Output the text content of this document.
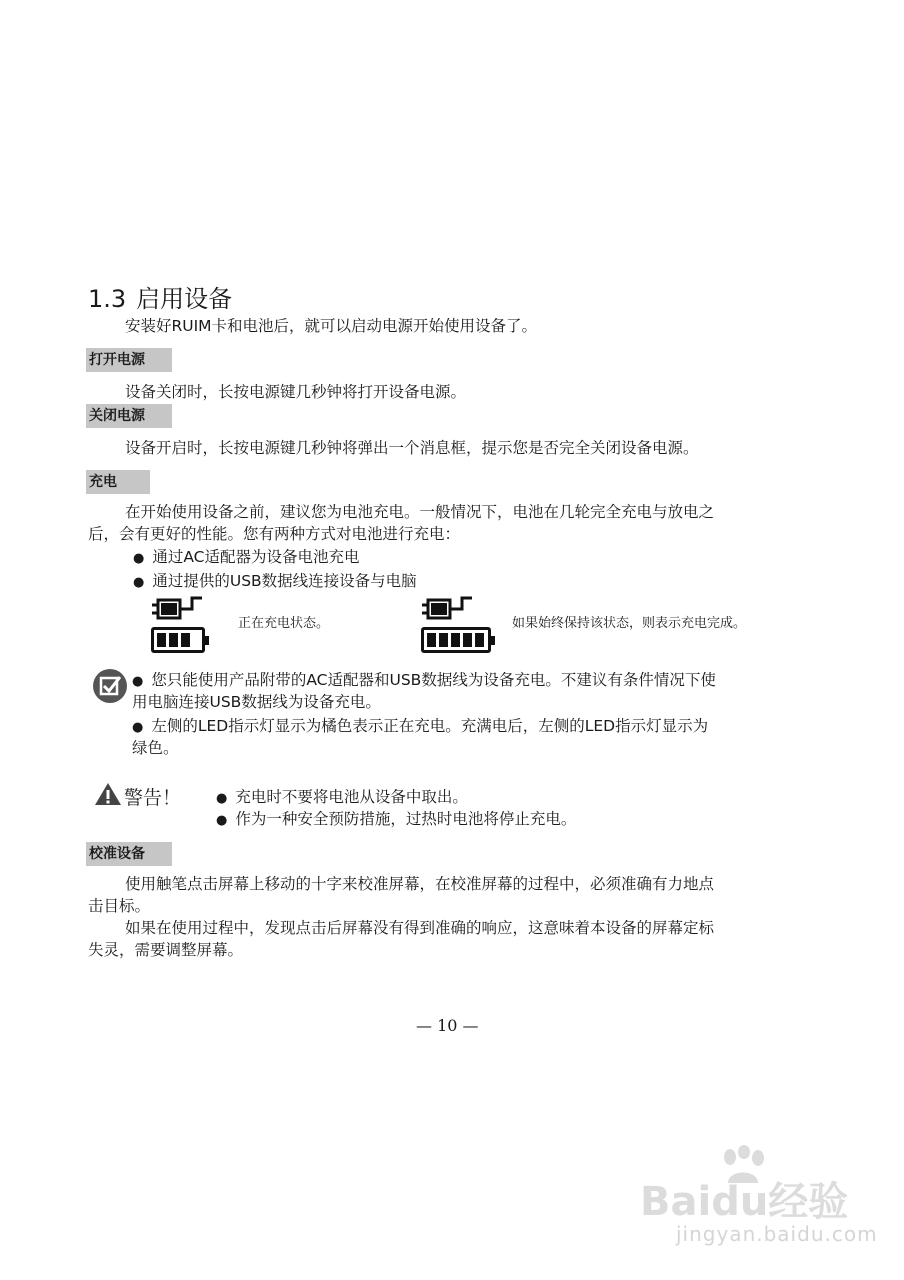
1.3 启用设备
安装好RUIM卡和电池后，就可以启动电源开始使用设备了。
打开电源
设备关闭时，长按电源键几秒钟将打开设备电源。
关闭电源
设备开启时，长按电源键几秒钟将弹出一个消息框，提示您是否完全关闭设备电源。
充电
在开始使用设备之前，建议您为电池充电。一般情况下，电池在几轮完全充电与放电之
后，会有更好的性能。您有两种方式对电池进行充电：
● 通过AC适配器为设备电池充电
● 通过提供的USB数据线连接设备与电脑
正在充电状态。	如果始终保持该状态，则表示充电完成。
● 您只能使用产品附带的AC适配器和USB数据线为设备充电。不建议有条件情况下使
用电脑连接USB数据线为设备充电。
● 左侧的LED指示灯显示为橘色表示正在充电。充满电后，左侧的LED指示灯显示为
绿色。
警告！
●	充电时不要将电池从设备中取出。
● 作为一种安全预防措施，过热时电池将停止充电。
校准设备
使用触笔点击屏幕上移动的十字来校准屏幕，在校准屏幕的过程中，必须准确有力地点
击目标。
如果在使用过程中，发现点击后屏幕没有得到准确的响应，这意味着本设备的屏幕定标
失灵，需要调整屏幕。
— 10 —
Baidu经验
jingyan.baidu.com
